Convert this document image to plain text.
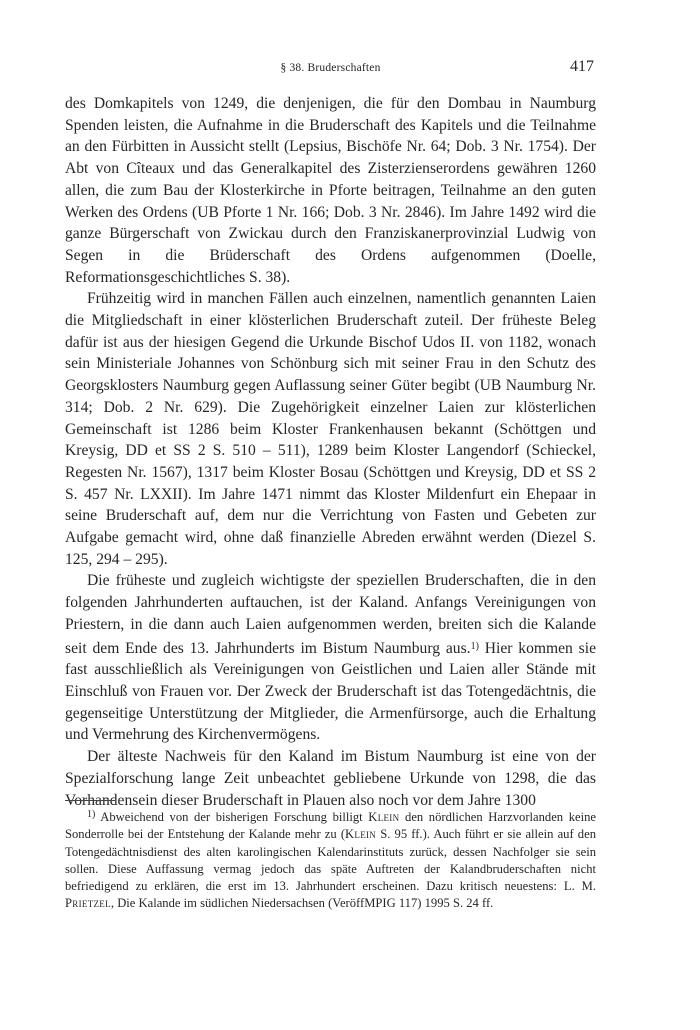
§ 38. Bruderschaften	417

des Domkapitels von 1249, die denjenigen, die für den Dombau in Naumburg Spenden leisten, die Aufnahme in die Bruderschaft des Kapitels und die Teilnahme an den Fürbitten in Aussicht stellt (Lepsius, Bischöfe Nr. 64; Dob. 3 Nr. 1754). Der Abt von Cîteaux und das Generalkapitel des Zisterzienserordens gewähren 1260 allen, die zum Bau der Klosterkirche in Pforte beitragen, Teilnahme an den guten Werken des Ordens (UB Pforte 1 Nr. 166; Dob. 3 Nr. 2846). Im Jahre 1492 wird die ganze Bürgerschaft von Zwickau durch den Franziskanerprovinzial Ludwig von Segen in die Brüderschaft des Ordens aufgenommen (Doelle, Reformationsgeschichtliches S. 38).

Frühzeitig wird in manchen Fällen auch einzelnen, namentlich genannten Laien die Mitgliedschaft in einer klösterlichen Bruderschaft zuteil. Der früheste Beleg dafür ist aus der hiesigen Gegend die Urkunde Bischof Udos II. von 1182, wonach sein Ministeriale Johannes von Schönburg sich mit seiner Frau in den Schutz des Georgsklosters Naumburg gegen Auflassung seiner Güter begibt (UB Naumburg Nr. 314; Dob. 2 Nr. 629). Die Zugehörigkeit einzelner Laien zur klösterlichen Gemeinschaft ist 1286 beim Kloster Frankenhausen bekannt (Schöttgen und Kreysig, DD et SS 2 S. 510 – 511), 1289 beim Kloster Langendorf (Schieckel, Regesten Nr. 1567), 1317 beim Kloster Bosau (Schöttgen und Kreysig, DD et SS 2 S. 457 Nr. LXXII). Im Jahre 1471 nimmt das Kloster Mildenfurt ein Ehepaar in seine Bruderschaft auf, dem nur die Verrichtung von Fasten und Gebeten zur Aufgabe gemacht wird, ohne daß finanzielle Abreden erwähnt werden (Diezel S. 125, 294 – 295).

Die früheste und zugleich wichtigste der speziellen Bruderschaften, die in den folgenden Jahrhunderten auftauchen, ist der Kaland. Anfangs Vereinigungen von Priestern, in die dann auch Laien aufgenommen werden, breiten sich die Kalande seit dem Ende des 13. Jahrhunderts im Bistum Naumburg aus.$^{1)}$ Hier kommen sie fast ausschließlich als Vereinigungen von Geistlichen und Laien aller Stände mit Einschluß von Frauen vor. Der Zweck der Bruderschaft ist das Totengedächtnis, die gegenseitige Unterstützung der Mitglieder, die Armenfürsorge, auch die Erhaltung und Vermehrung des Kirchenvermögens.

Der älteste Nachweis für den Kaland im Bistum Naumburg ist eine von der Spezialforschung lange Zeit unbeachtet gebliebene Urkunde von 1298, die das Vorhandensein dieser Bruderschaft in Plauen also noch vor dem Jahre 1300

$^{1)}$ Abweichend von der bisherigen Forschung billigt Klein den nördlichen Harzvorlanden keine Sonderrolle bei der Entstehung der Kalande mehr zu (Klein S. 95 ff.). Auch führt er sie allein auf den Totengedächtnisdienst des alten karolingischen Kalendarinstituts zurück, dessen Nachfolger sie sein sollen. Diese Auffassung vermag jedoch das späte Auftreten der Kalandbruderschaften nicht befriedigend zu erklären, die erst im 13. Jahrhundert erscheinen. Dazu kritisch neuestens: L. M. Prietzel, Die Kalande im südlichen Niedersachsen (VeröffMPIG 117) 1995 S. 24 ff.
